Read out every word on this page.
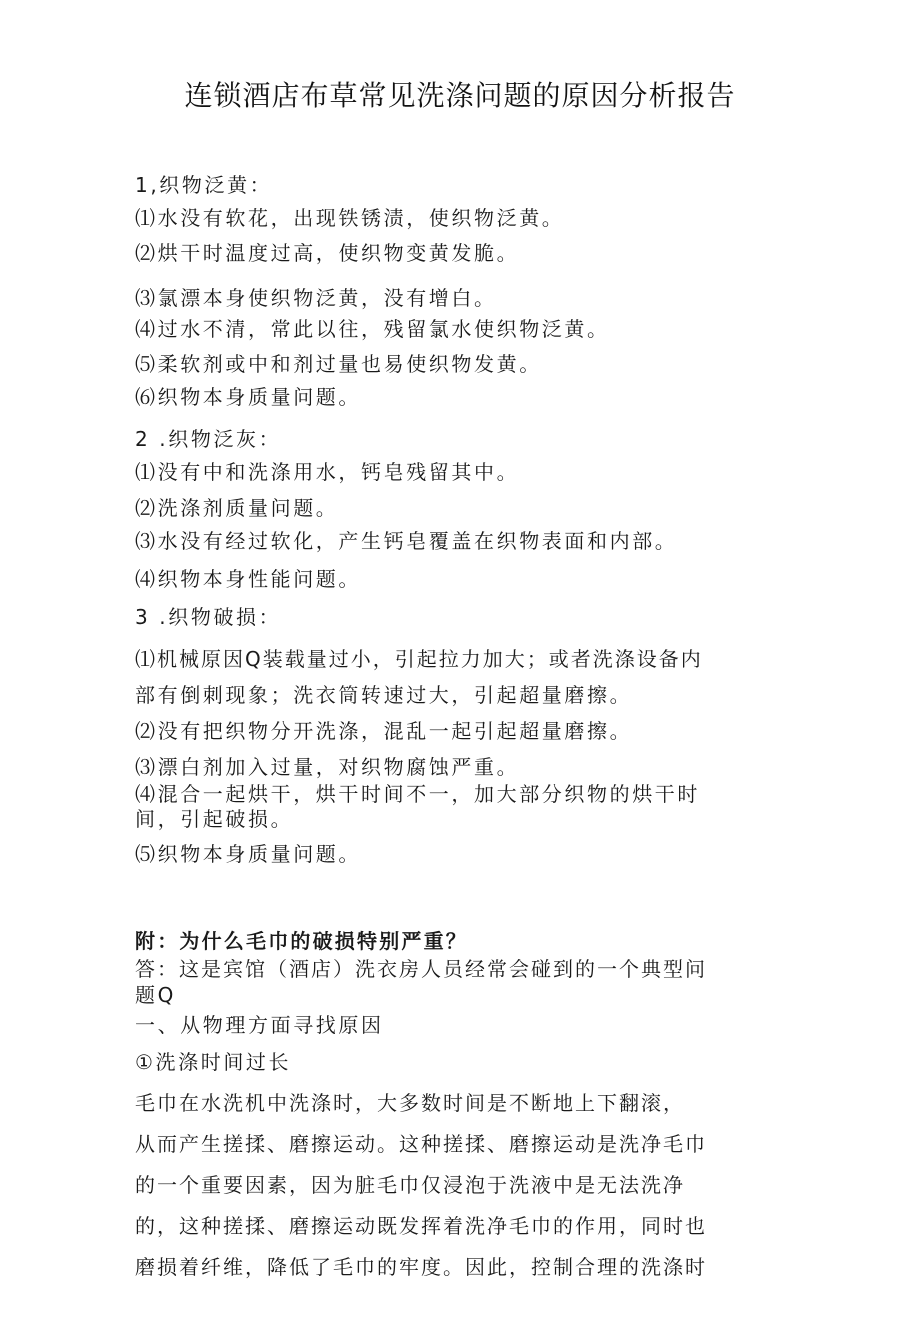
连锁酒店布草常见洗涤问题的原因分析报告
1,织物泛黄：
⑴水没有软花，出现铁锈渍，使织物泛黄。
⑵烘干时温度过高，使织物变黄发脆。
⑶氯漂本身使织物泛黄，没有增白。
⑷过水不清，常此以往，残留氯水使织物泛黄。
⑸柔软剂或中和剂过量也易使织物发黄。
⑹织物本身质量问题。
2 .织物泛灰：
⑴没有中和洗涤用水，钙皂残留其中。
⑵洗涤剂质量问题。
⑶水没有经过软化，产生钙皂覆盖在织物表面和内部。
⑷织物本身性能问题。
3 .织物破损：
⑴机械原因Q装载量过小，引起拉力加大；或者洗涤设备内
部有倒刺现象；洗衣筒转速过大，引起超量磨擦。
⑵没有把织物分开洗涤，混乱一起引起超量磨擦。
⑶漂白剂加入过量，对织物腐蚀严重。
⑷混合一起烘干，烘干时间不一，加大部分织物的烘干时
间，引起破损。
⑸织物本身质量问题。
附：为什么毛巾的破损特别严重？
答：这是宾馆（酒店）洗衣房人员经常会碰到的一个典型问
题Q
一、从物理方面寻找原因
①洗涤时间过长
毛巾在水洗机中洗涤时，大多数时间是不断地上下翻滚，
从而产生搓揉、磨擦运动。这种搓揉、磨擦运动是洗净毛巾
的一个重要因素，因为脏毛巾仅浸泡于洗液中是无法洗净
的，这种搓揉、磨擦运动既发挥着洗净毛巾的作用，同时也
磨损着纤维，降低了毛巾的牢度。因此，控制合理的洗涤时
